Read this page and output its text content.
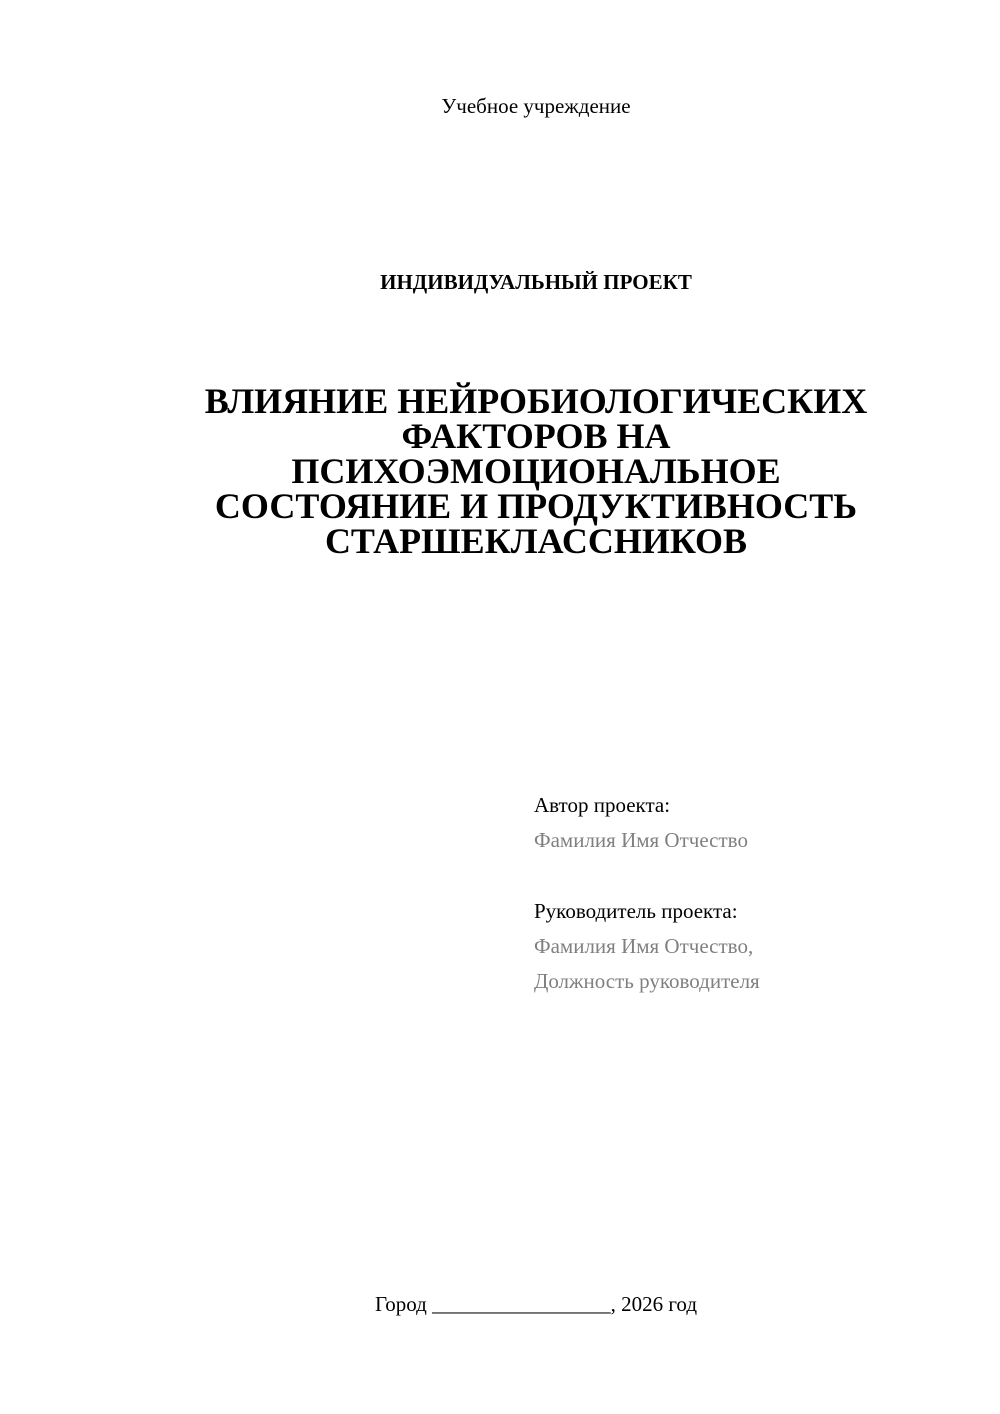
Учебное учреждение
ИНДИВИДУАЛЬНЫЙ ПРОЕКТ
ВЛИЯНИЕ НЕЙРОБИОЛОГИЧЕСКИХ
ФАКТОРОВ НА
ПСИХОЭМОЦИОНАЛЬНОЕ
СОСТОЯНИЕ И ПРОДУКТИВНОСТЬ
СТАРШЕКЛАССНИКОВ
Автор проекта:
Фамилия Имя Отчество
Руководитель проекта:
Фамилия Имя Отчество,
Должность руководителя
Город _________________, 2026 год
